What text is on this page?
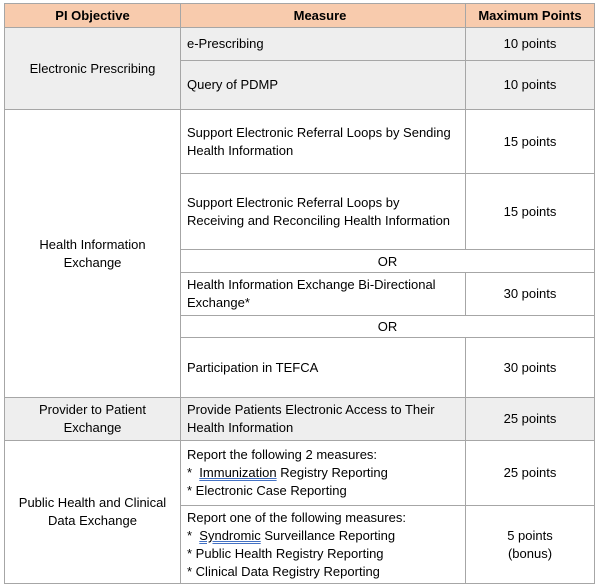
PI Objective	Measure	Maximum Points
Electronic Prescribing	e-Prescribing	10 points
	Query of PDMP	10 points
Health Information Exchange	Support Electronic Referral Loops by Sending Health Information	15 points
	Support Electronic Referral Loops by Receiving and Reconciling Health Information	15 points
	OR	
	Health Information Exchange Bi-Directional Exchange*	30 points
	OR	
	Participation in TEFCA	30 points
Provider to Patient Exchange	Provide Patients Electronic Access to Their Health Information	25 points
Public Health and Clinical Data Exchange	Report the following 2 measures:
* Immunization Registry Reporting
* Electronic Case Reporting	25 points

	Report one of the following measures:
* Syndromic Surveillance Reporting
* Public Health Registry Reporting
* Clinical Data Registry Reporting	5 points
(bonus)
